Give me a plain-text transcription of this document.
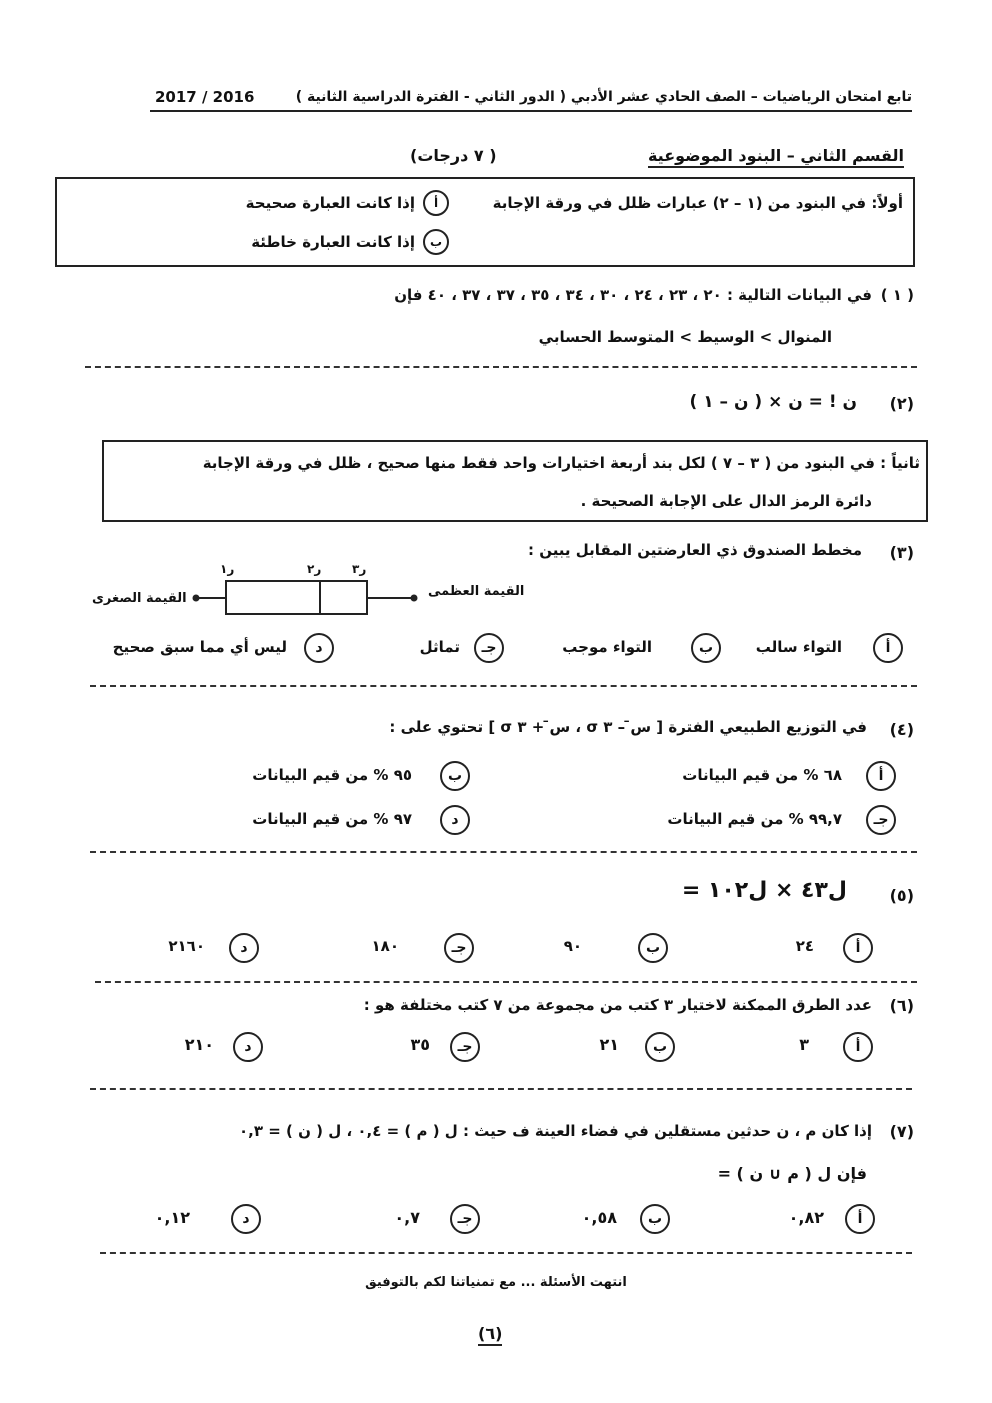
تابع امتحان الرياضيات – الصف الحادي عشر الأدبي ( الدور الثاني - الفترة الدراسية الثانية )
2017 / 2016
القسم الثاني – البنود الموضوعية
( ٧ درجات)
أولاً: في البنود من (١ – ٢) عبارات ظلل في ورقة الإجابة
أ
إذا كانت العبارة صحيحة
ب
إذا كانت العبارة خاطئة
( ١ )
في البيانات التالية : ٢٠ ، ٢٣ ، ٢٤ ، ٣٠ ، ٣٤ ، ٣٥ ، ٣٧ ، ٣٧ ، ٤٠ فإن
المنوال > الوسيط > المتوسط الحسابي
(٢)
ن ! = ن × ( ن – ١ )
ثانياً : في البنود من ( ٣ – ٧ ) لكل بند أربعة اختيارات واحد فقط منها صحيح ، ظلل في ورقة الإجابة
دائرة الرمز الدال على الإجابة الصحيحة .
(٣)
مخطط الصندوق ذي العارضتين المقابل يبين :
ر١	ر٢	ر٣
القيمة العظمى
القيمة الصغرى
أ
التواء سالب
ب
التواء موجب
جـ
تماثل
د
ليس أي مما سبق صحيح
(٤)
في التوزيع الطبيعي الفترة [ س̄ – ٣ σ ، س̄ + ٣ σ ] تحتوي على :
أ
٦٨ % من قيم البيانات
ب
٩٥ % من قيم البيانات
جـ
٩٩,٧ % من قيم البيانات
د
٩٧ % من قيم البيانات
(٥)
ل٤٣ × ل١٠٢ =
أ
٢٤
ب
٩٠
جـ
١٨٠
د
٢١٦٠
(٦)
عدد الطرق الممكنة لاختيار ٣ كتب من مجموعة من ٧ كتب مختلفة هو :
أ
٣
ب
٢١
جـ
٣٥
د
٢١٠
(٧)
إذا كان م ، ن حدثين مستقلين في فضاء العينة ف حيث : ل ( م ) = ٠,٤ ، ل ( ن ) = ٠,٣
فإن ل ( م ∪ ن ) =
أ
٠,٨٢
ب
٠,٥٨
جـ
٠,٧
د
٠,١٢
انتهت الأسئلة ... مع تمنياتنا لكم بالتوفيق
(٦)
